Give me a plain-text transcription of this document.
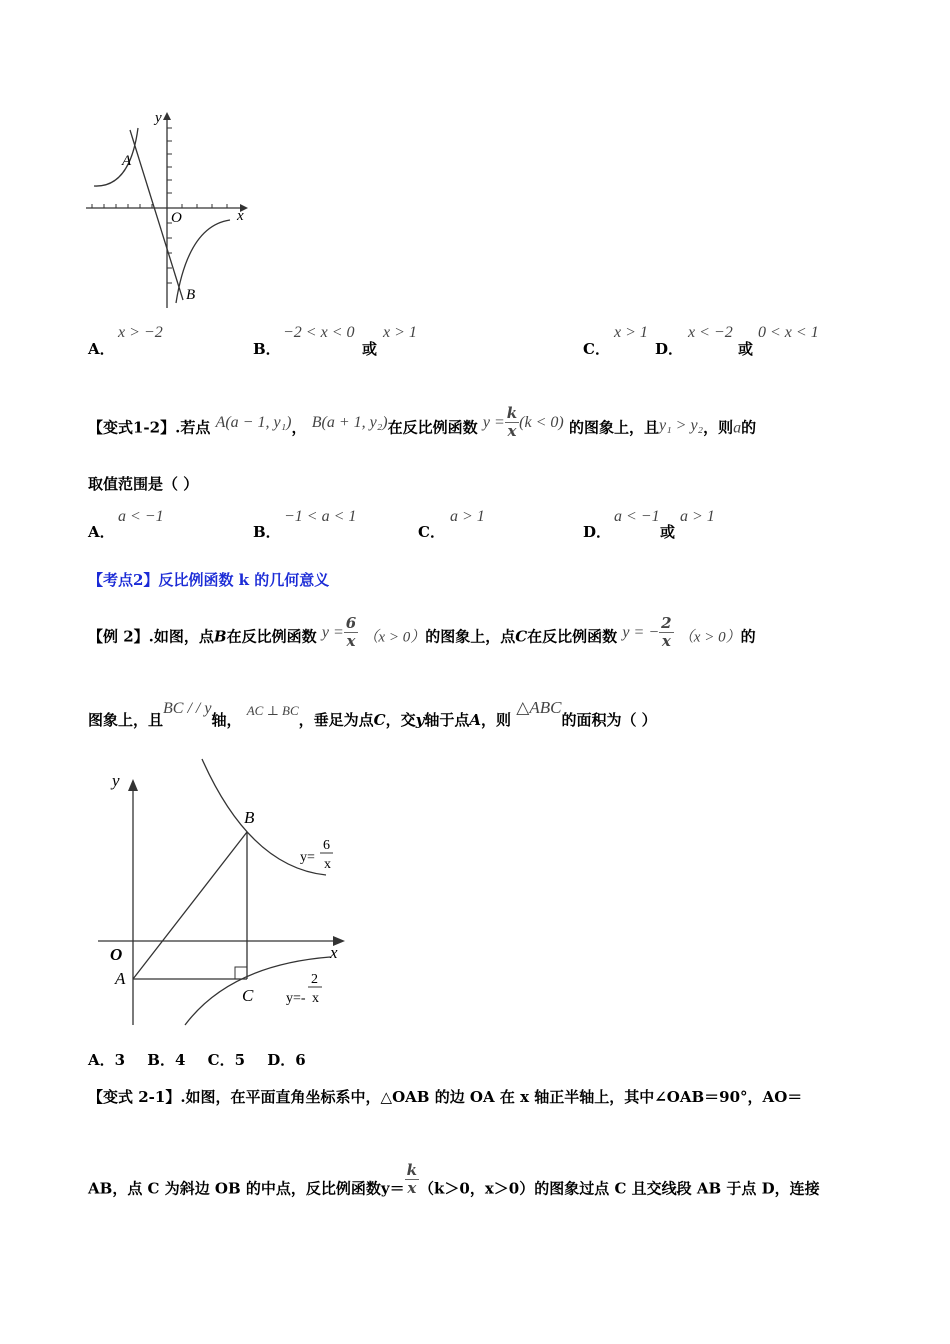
y
x
O
A
B
A．
x > −2
B．
−2 < x < 0
或
x > 1
C．
x > 1
D．
x < −2
或
0 < x < 1
【变式1-2】.若点 A(a − 1, y₁)， B(a + 1, y₂)在反比例函数 $y = \frac{k}{x} (k < 0)$ 的图象上，且y₁ > y₂，则a的
取值范围是（ ）
A．
a < −1
B．
−1 < a < 1
C．
a > 1
D．
a < −1
或
a > 1
【考点2】反比例函数 k 的几何意义
【例 2】.如图，点B在反比例函数 $y = \frac{6}{x} (x > 0)$的图象上，点C在反比例函数 y = − $\frac{2}{x} (x > 0)$的
图象上，且BC / / y轴， AC ⊥ BC，垂足为点C，交y轴于点A，则 △ABC的面积为（ ）
y
x
O
A
B
C
y=
6
x
y=-
2
x
A．3　 B．4　 C．5　 D．6
【变式 2-1】.如图，在平面直角坐标系中，△OAB 的边 OA 在 x 轴正半轴上，其中∠OAB＝90°，AO＝
AB，点 C 为斜边 OB 的中点，反比例函数$y= \frac{k}{x} (k>0$，x＞0）的图象过点 C 且交线段 AB 于点 D，连接
